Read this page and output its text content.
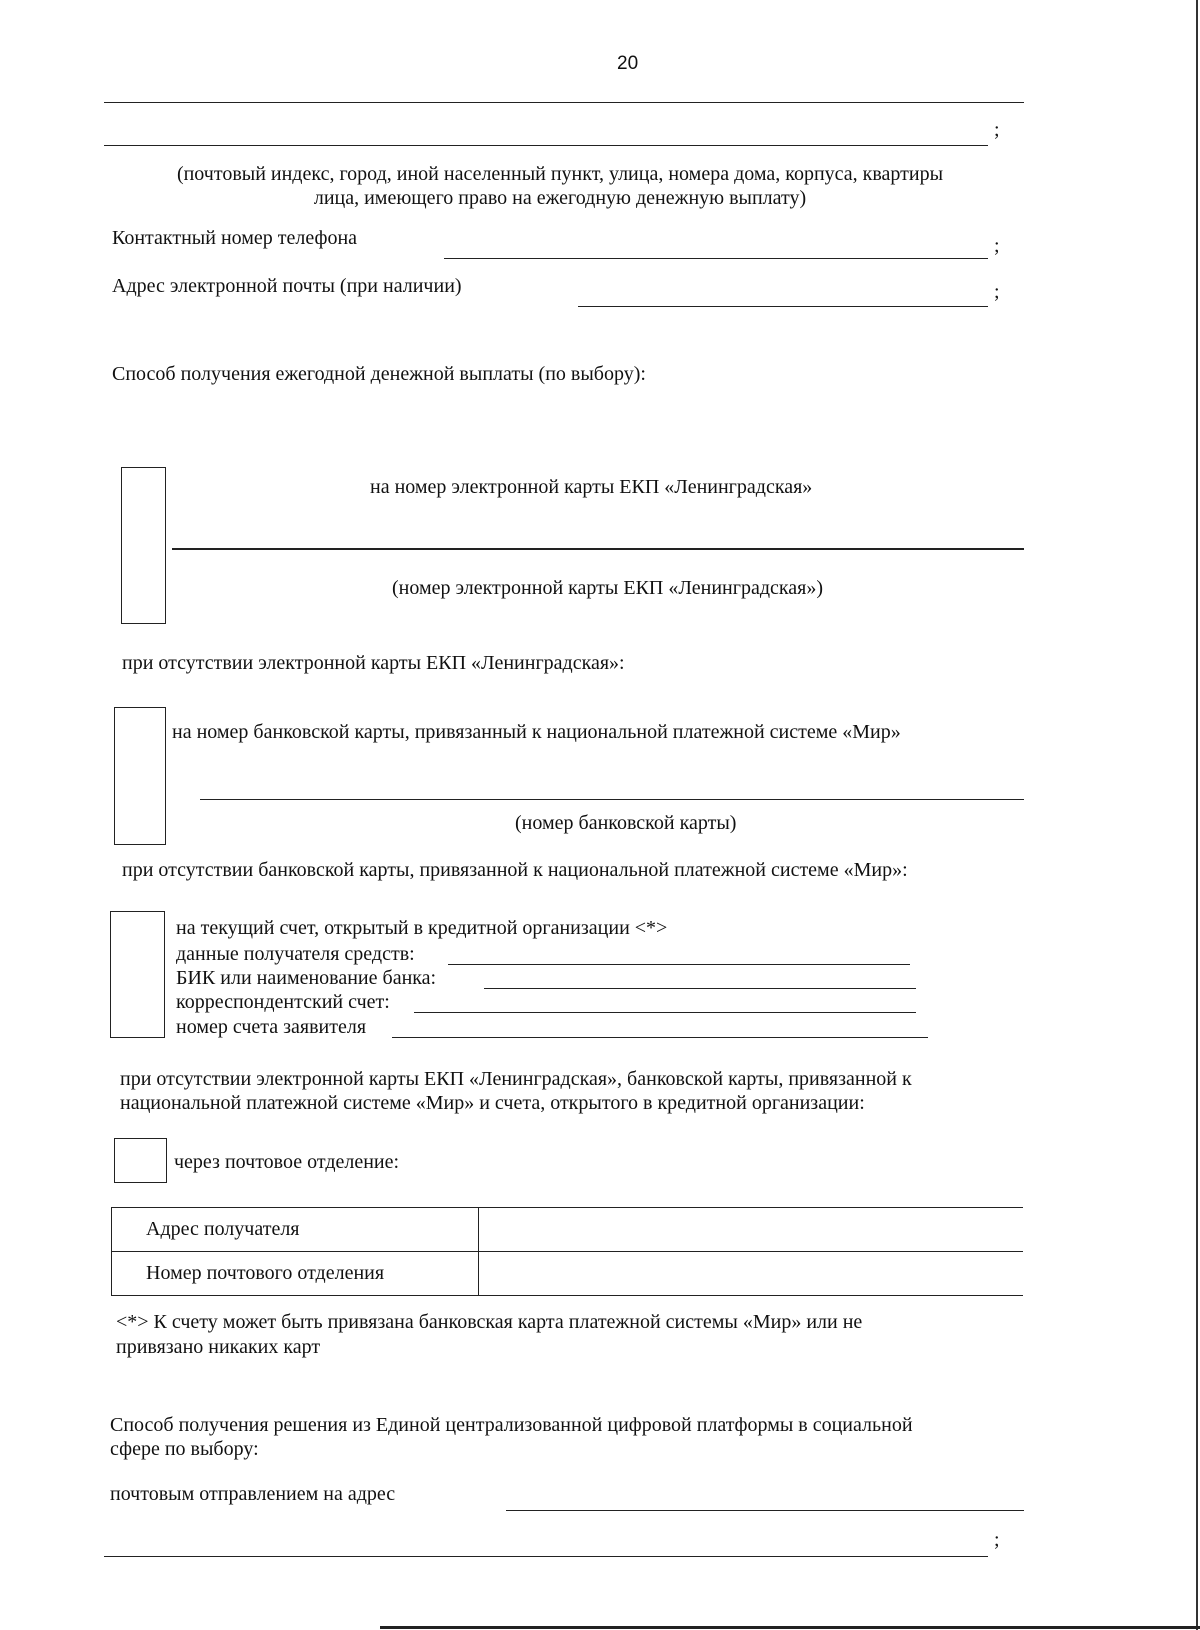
20
;
(почтовый индекс, город, иной населенный пункт, улица, номера дома, корпуса, квартиры
лица, имеющего право на ежегодную денежную выплату)
Контактный номер телефона	;
Адрес электронной почты (при наличии)	;
Способ получения ежегодной денежной выплаты (по выбору):
на номер электронной карты ЕКП «Ленинградская»
(номер электронной карты ЕКП «Ленинградская»)
при отсутствии электронной карты ЕКП «Ленинградская»:
на номер банковской карты, привязанный к национальной платежной системе «Мир»
(номер банковской карты)
при отсутствии банковской карты, привязанной к национальной платежной системе «Мир»:
на текущий счет, открытый в кредитной организации <*>
данные получателя средств:
БИК или наименование банка:
корреспондентский счет:
номер счета заявителя
при отсутствии электронной карты ЕКП «Ленинградская», банковской карты, привязанной к
национальной платежной системе «Мир» и счета, открытого в кредитной организации:
через почтовое отделение:
Адрес получателя	
Номер почтового отделения	
<*> К счету может быть привязана банковская карта платежной системы «Мир» или не
привязано никаких карт
Способ получения решения из Единой централизованной цифровой платформы в социальной
сфере по выбору:
почтовым отправлением на адрес
;
